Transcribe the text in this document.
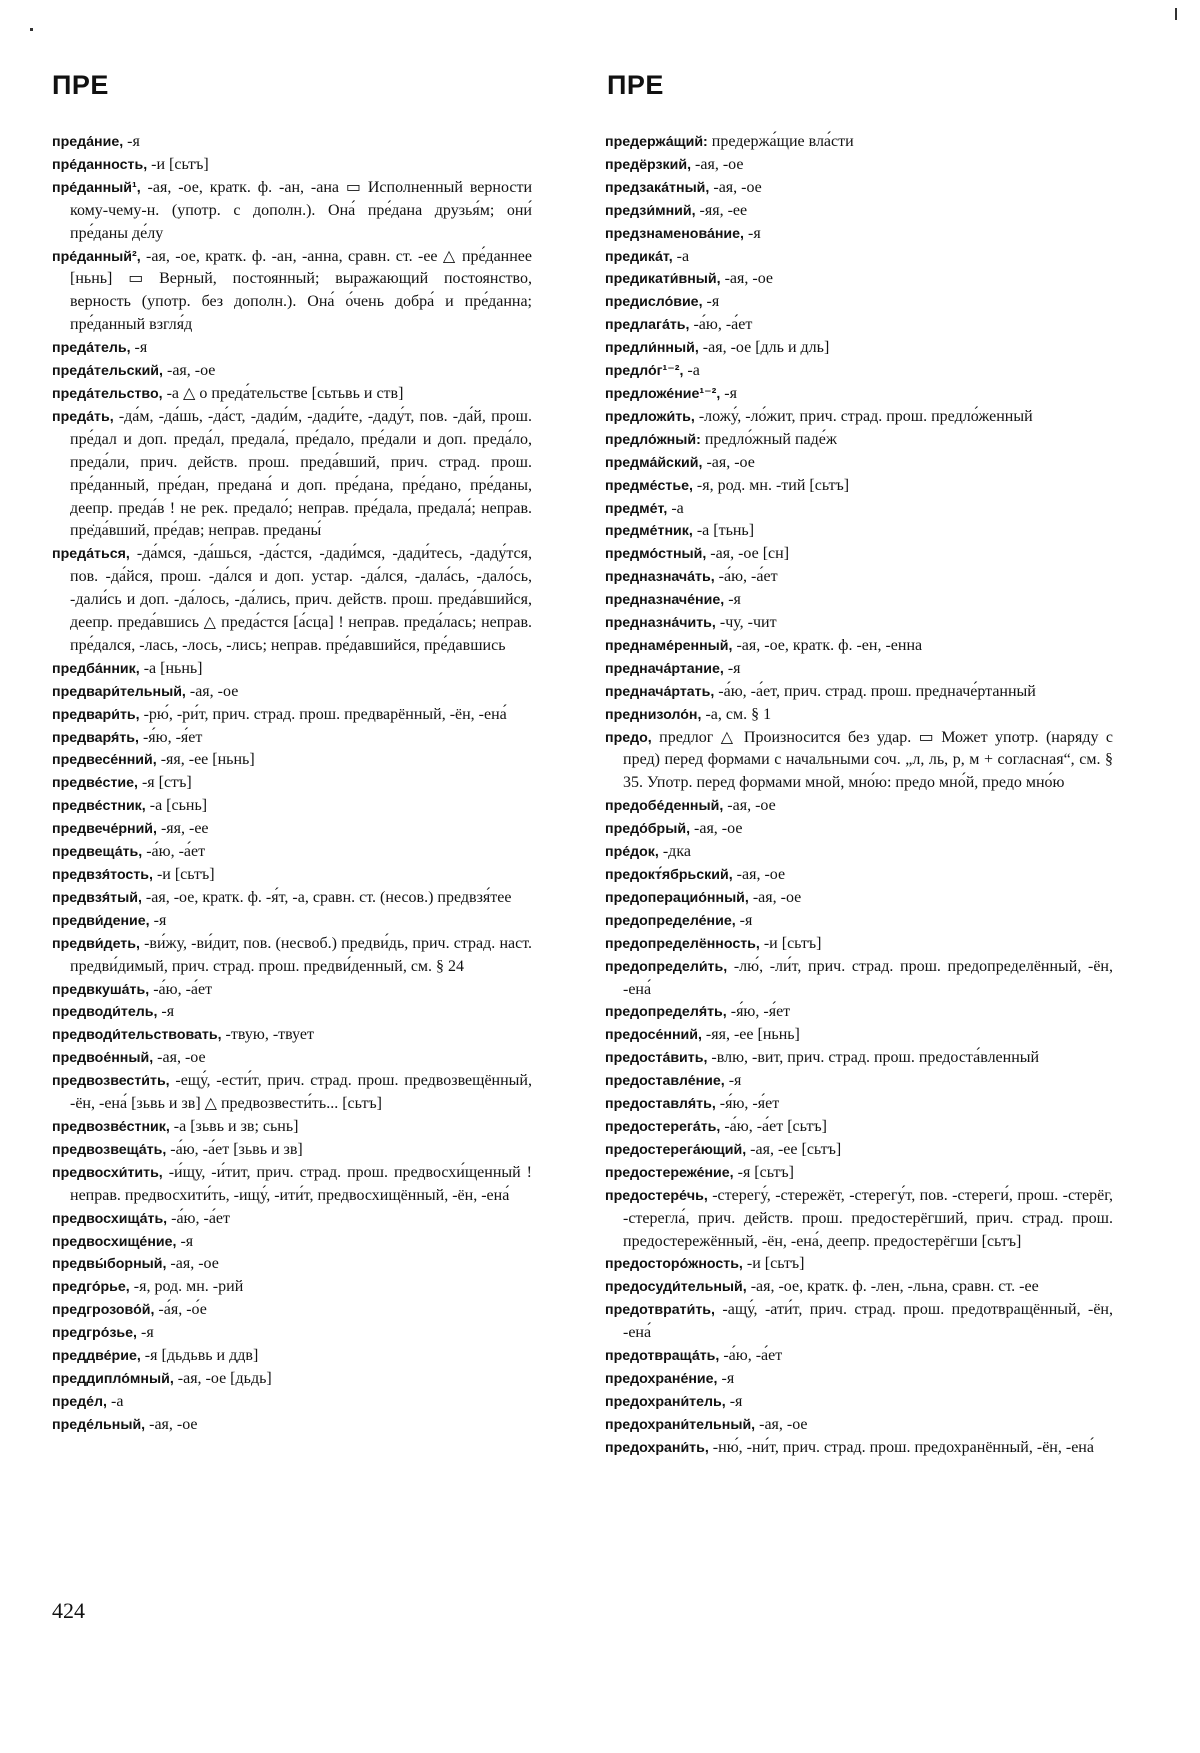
ПРЕ	ПРЕ

преда́ние, -я

пре́данность, -и [сьтъ]

пре́данный¹, -ая, -ое, кратк. ф. -ан, -ана ▭ Исполненный верности кому-чему-н. (употр. с дополн.). Она́ пре́дана друзья́м; они́ пре́даны де́лу

пре́данный², -ая, -ое, кратк. ф. -ан, -анна, сравн. ст. -ее △ пре́даннее [ньнь] ▭ Верный, постоянный; выражающий постоянство, верность (употр. без дополн.). Она́ о́чень добра́ и пре́данна; пре́данный взгля́д

преда́тель, -я

преда́тельский, -ая, -ое

преда́тельство, -а △ о преда́тельстве [сьтьвь и ств]

преда́ть, -да́м, -да́шь, -да́ст, -дади́м, -дади́те, -даду́т, пов. -да́й, прош. пре́дал и доп. преда́л, предала́, пре́дало, пре́дали и доп. преда́ло, преда́ли, прич. действ. прош. преда́вший, прич. страд. прош. пре́данный, пре́дан, предана́ и доп. пре́дана, пре́дано, пре́даны, деепр. преда́в ! не рек. предало́; неправ. пре́дала, предала́; неправ. пре̇да́вший, пре́дав; неправ. преданы́

преда́ться, -да́мся, -да́шься, -да́стся, -дади́мся, -дади́тесь, -даду́тся, пов. -да́йся, прош. -да́лся и доп. устар. -да́лся, -дала́сь, -дало́сь, -дали́сь и доп. -да́лось, -да́лись, прич. действ. прош. преда́вшийся, деепр. преда́вшись △ преда́стся [а́сца] ! неправ. преда́лась; неправ. пре́дался, -лась, -лось, -лись; неправ. пре́давшийся, пре́давшись

предба́нник, -а [ньнь]

предвари́тельный, -ая, -ое

предвари́ть, -рю́, -ри́т, прич. страд. прош. предварённый, -ён, -ена́

предваря́ть, -я́ю, -я́ет

предвесе́нний, -яя, -ее [ньнь]

предве́стие, -я [стъ]

предве́стник, -а [сьнь]

предвече́рний, -яя, -ее

предвеща́ть, -а́ю, -а́ет

предвзя́тость, -и [сьтъ]

предвзя́тый, -ая, -ое, кратк. ф. -я́т, -а, сравн. ст. (несов.) предвзя́тее

предви́дение, -я

предви́деть, -ви́жу, -ви́дит, пов. (несвоб.) предви́дь, прич. страд. наст. предви́димый, прич. страд. прош. предви́денный, см. § 24

предвкуша́ть, -а́ю, -а́ет

предводи́тель, -я

предводи́тельствовать, -твую, -твует

предвое́нный, -ая, -ое

предвозвести́ть, -ещу́, -ести́т, прич. страд. прош. предвозвещённый, -ён, -ена́ [зьвь и зв] △ предвозвести́ть... [сьтъ]

предвозве́стник, -а [зьвь и зв; сьнь]

предвозвеща́ть, -а́ю, -а́ет [зьвь и зв]

предвосхи́тить, -и́щу, -и́тит, прич. страд. прош. предвосхи́щенный ! неправ. предвосхити́ть, -ищу́, -ити́т, предвосхищённый, -ён, -ена́

предвосхища́ть, -а́ю, -а́ет

предвосхище́ние, -я

предвы́борный, -ая, -ое

предго́рье, -я, род. мн. -рий

предгрозово́й, -а́я, -о́е

предгро́зье, -я

преддве́рие, -я [дьдьвь и ддв]

преддипло́мный, -ая, -ое [дьдь]

преде́л, -а

преде́льный, -ая, -ое

предержа́щий: предержа́щие вла́сти

предёрзкий, -ая, -ое

предзака́тный, -ая, -ое

предзи́мний, -яя, -ее

предзнаменова́ние, -я

предика́т, -а

предикати́вный, -ая, -ое

предисло́вие, -я

предлага́ть, -а́ю, -а́ет

предли́нный, -ая, -ое [дль и дль]

предло́г¹⁻², -а

предложе́ние¹⁻², -я

предложи́ть, -ложу́, -ло́жит, прич. страд. прош. предло́женный

предло́жный: предло́жный паде́ж

предма́йский, -ая, -ое

предме́стье, -я, род. мн. -тий [сьтъ]

предме́т, -а

предме́тник, -а [тьнь]

предмо́стный, -ая, -ое [сн]

предназнача́ть, -а́ю, -а́ет

предназначе́ние, -я

предназна́чить, -чу, -чит

преднаме́ренный, -ая, -ое, кратк. ф. -ен, -енна

преднача́ртание, -я

преднача́ртать, -а́ю, -а́ет, прич. страд. прош. предначе́ртанный

преднизоло́н, -а, см. § 1

предо, предлог △ Произносится без удар. ▭ Может употр. (наряду с пред) перед формами с начальными соч. „л, ль, р, м + согласная“, см. § 35. Употр. перед формами мной, мно́ю: предо мно́й, предо мно́ю

предобе́денный, -ая, -ое

предо́брый, -ая, -ое

пре́док, -дка

предокт́ябрьский, -ая, -ое

предоперацио́нный, -ая, -ое

предопределе́ние, -я

предопределённость, -и [сьтъ]

предопредели́ть, -лю́, -ли́т, прич. страд. прош. предопределённый, -ён, -ена́

предопределя́ть, -я́ю, -я́ет

предосе́нний, -яя, -ее [ньнь]

предоста́вить, -влю, -вит, прич. страд. прош. предоста́вленный

предоставле́ние, -я

предоставля́ть, -я́ю, -я́ет

предостерега́ть, -а́ю, -а́ет [сьтъ]

предостерега́ющий, -ая, -ее [сьтъ]

предостереже́ние, -я [сьтъ]

предостере́чь, -стерегу́, -стережёт, -стерегу́т, пов. -стереги́, прош. -стерёг, -стерегла́, прич. действ. прош. предостерёгший, прич. страд. прош. предостережённый, -ён, -ена́, деепр. предостерёгши [сьтъ]

предосторо́жность, -и [сьтъ]

предосуди́тельный, -ая, -ое, кратк. ф. -лен, -льна, сравн. ст. -ее

предотврати́ть, -ащу́, -ати́т, прич. страд. прош. предотвращённый, -ён, -ена́

предотвраща́ть, -а́ю, -а́ет

предохране́ние, -я

предохрани́тель, -я

предохрани́тельный, -ая, -ое

предохрани́ть, -ню́, -ни́т, прич. страд. прош. предохранённый, -ён, -ена́

424
